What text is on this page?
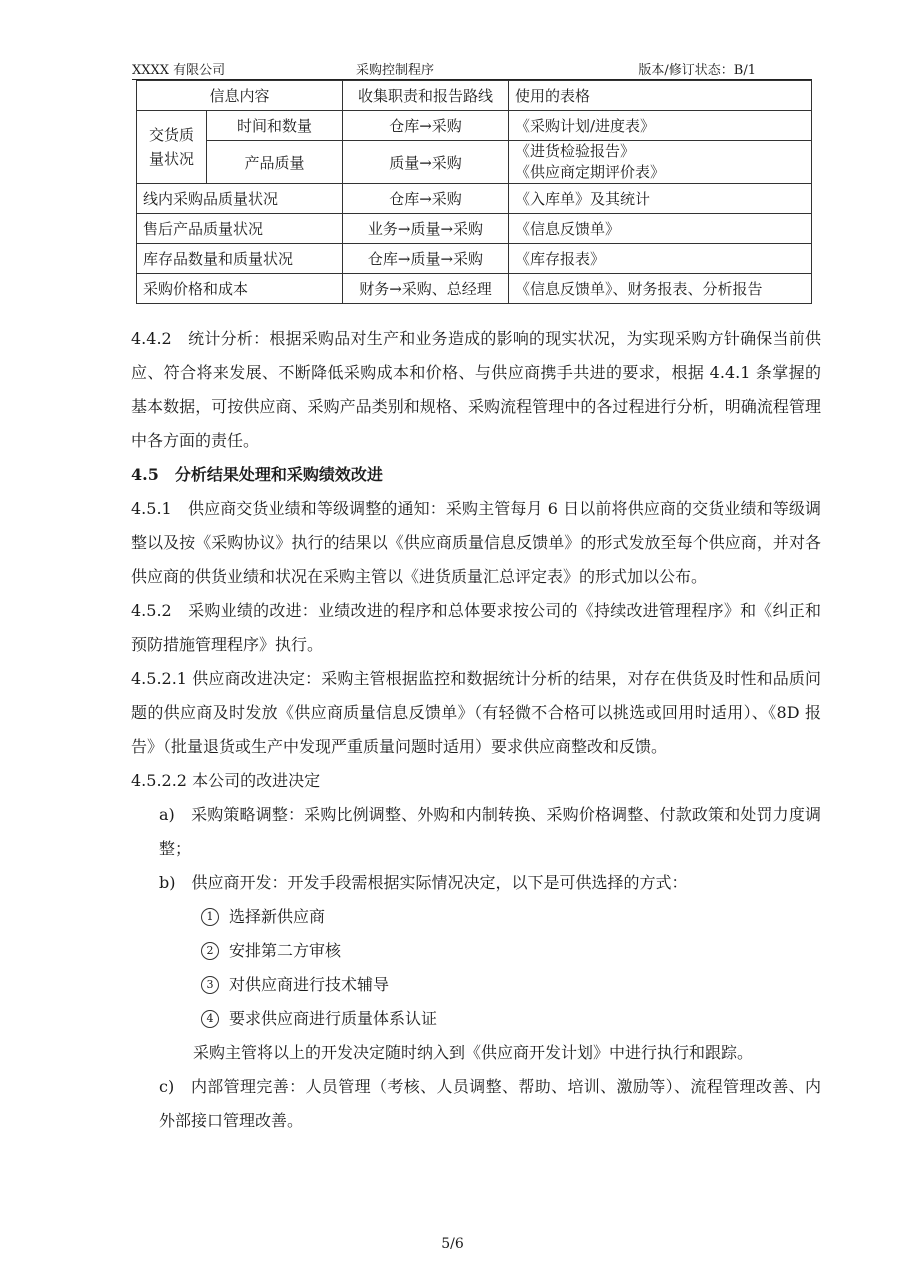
XXXX 有限公司	采购控制程序	版本/修订状态：B/1
信息内容		收集职责和报告路线	使用的表格
交货质量状况	时间和数量	仓库→采购	《采购计划/进度表》
	产品质量	质量→采购	《进货检验报告》
《供应商定期评价表》

线内采购品质量状况		仓库→采购	《入库单》及其统计
售后产品质量状况		业务→质量→采购	《信息反馈单》
库存品数量和质量状况		仓库→质量→采购	《库存报表》
采购价格和成本		财务→采购、总经理	《信息反馈单》、财务报表、分析报告

4.4.2　统计分析：根据采购品对生产和业务造成的影响的现实状况，为实现采购方针确保当前供应、符合将来发展、不断降低采购成本和价格、与供应商携手共进的要求，根据 4.4.1 条掌握的基本数据，可按供应商、采购产品类别和规格、采购流程管理中的各过程进行分析，明确流程管理中各方面的责任。

4.5　分析结果处理和采购绩效改进

4.5.1　供应商交货业绩和等级调整的通知：采购主管每月 6 日以前将供应商的交货业绩和等级调整以及按《采购协议》执行的结果以《供应商质量信息反馈单》的形式发放至每个供应商，并对各供应商的供货业绩和状况在采购主管以《进货质量汇总评定表》的形式加以公布。

4.5.2　采购业绩的改进：业绩改进的程序和总体要求按公司的《持续改进管理程序》和《纠正和预防措施管理程序》执行。

4.5.2.1 供应商改进决定：采购主管根据监控和数据统计分析的结果，对存在供货及时性和品质问题的供应商及时发放《供应商质量信息反馈单》（有轻微不合格可以挑选或回用时适用）、《8D 报告》（批量退货或生产中发现严重质量问题时适用）要求供应商整改和反馈。

4.5.2.2 本公司的改进决定

a)　采购策略调整：采购比例调整、外购和内制转换、采购价格调整、付款政策和处罚力度调整；

b)　供应商开发：开发手段需根据实际情况决定，以下是可供选择的方式：

1 选择新供应商

2 安排第二方审核

3 对供应商进行技术辅导

4 要求供应商进行质量体系认证

采购主管将以上的开发决定随时纳入到《供应商开发计划》中进行执行和跟踪。

c)　内部管理完善：人员管理（考核、人员调整、帮助、培训、激励等）、流程管理改善、内外部接口管理改善。

5/6
